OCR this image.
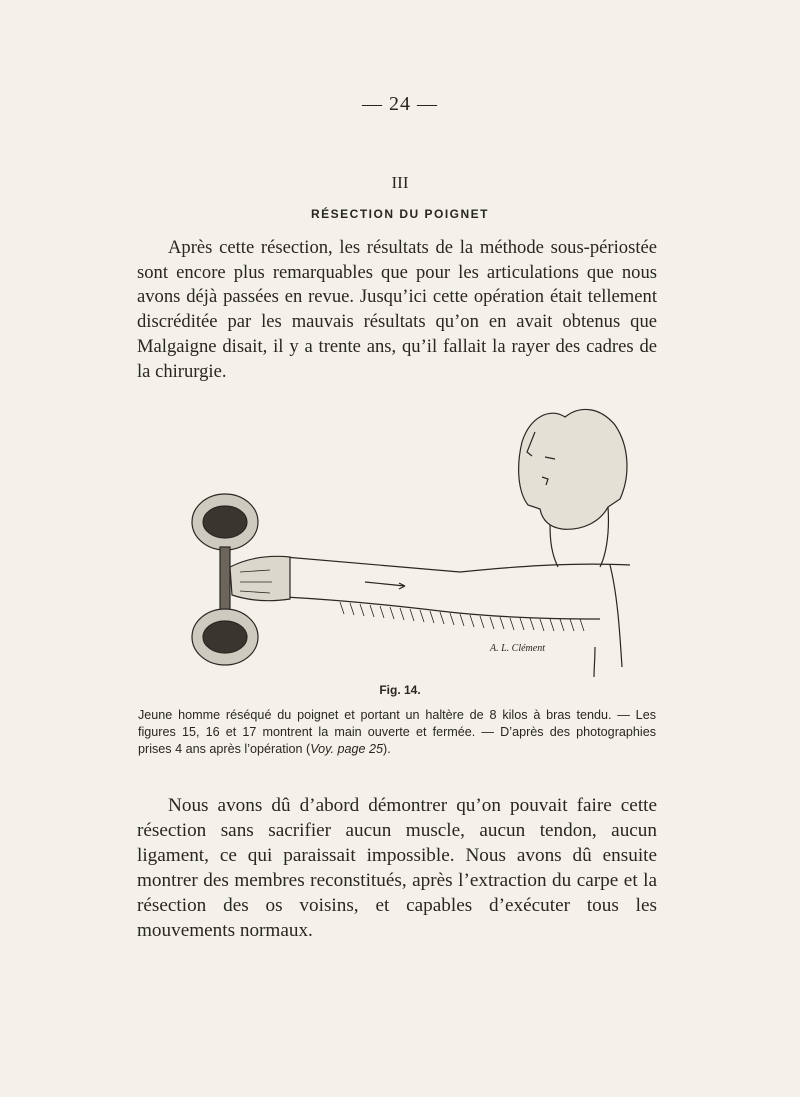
— 24 —
III
RÉSECTION DU POIGNET

Après cette résection, les résultats de la méthode sous-périostée sont encore plus remarquables que pour les articulations que nous avons déjà passées en revue. Jusqu’ici cette opération était tellement discréditée par les mauvais résultats qu’on en avait obtenus que Malgaigne disait, il y a trente ans, qu’il fallait la rayer des cadres de la chirurgie.

A. L. Clément
Fig. 14.

Jeune homme réséqué du poignet et portant un haltère de 8 kilos à bras tendu. — Les figures 15, 16 et 17 montrent la main ouverte et fermée. — D’après des photographies prises 4 ans après l’opération (Voy. page 25).

Nous avons dû d’abord démontrer qu’on pouvait faire cette résection sans sacrifier aucun muscle, aucun tendon, aucun ligament, ce qui paraissait impossible. Nous avons dû ensuite montrer des membres reconstitués, après l’extraction du carpe et la résection des os voisins, et capables d’exécuter tous les mouvements normaux.
